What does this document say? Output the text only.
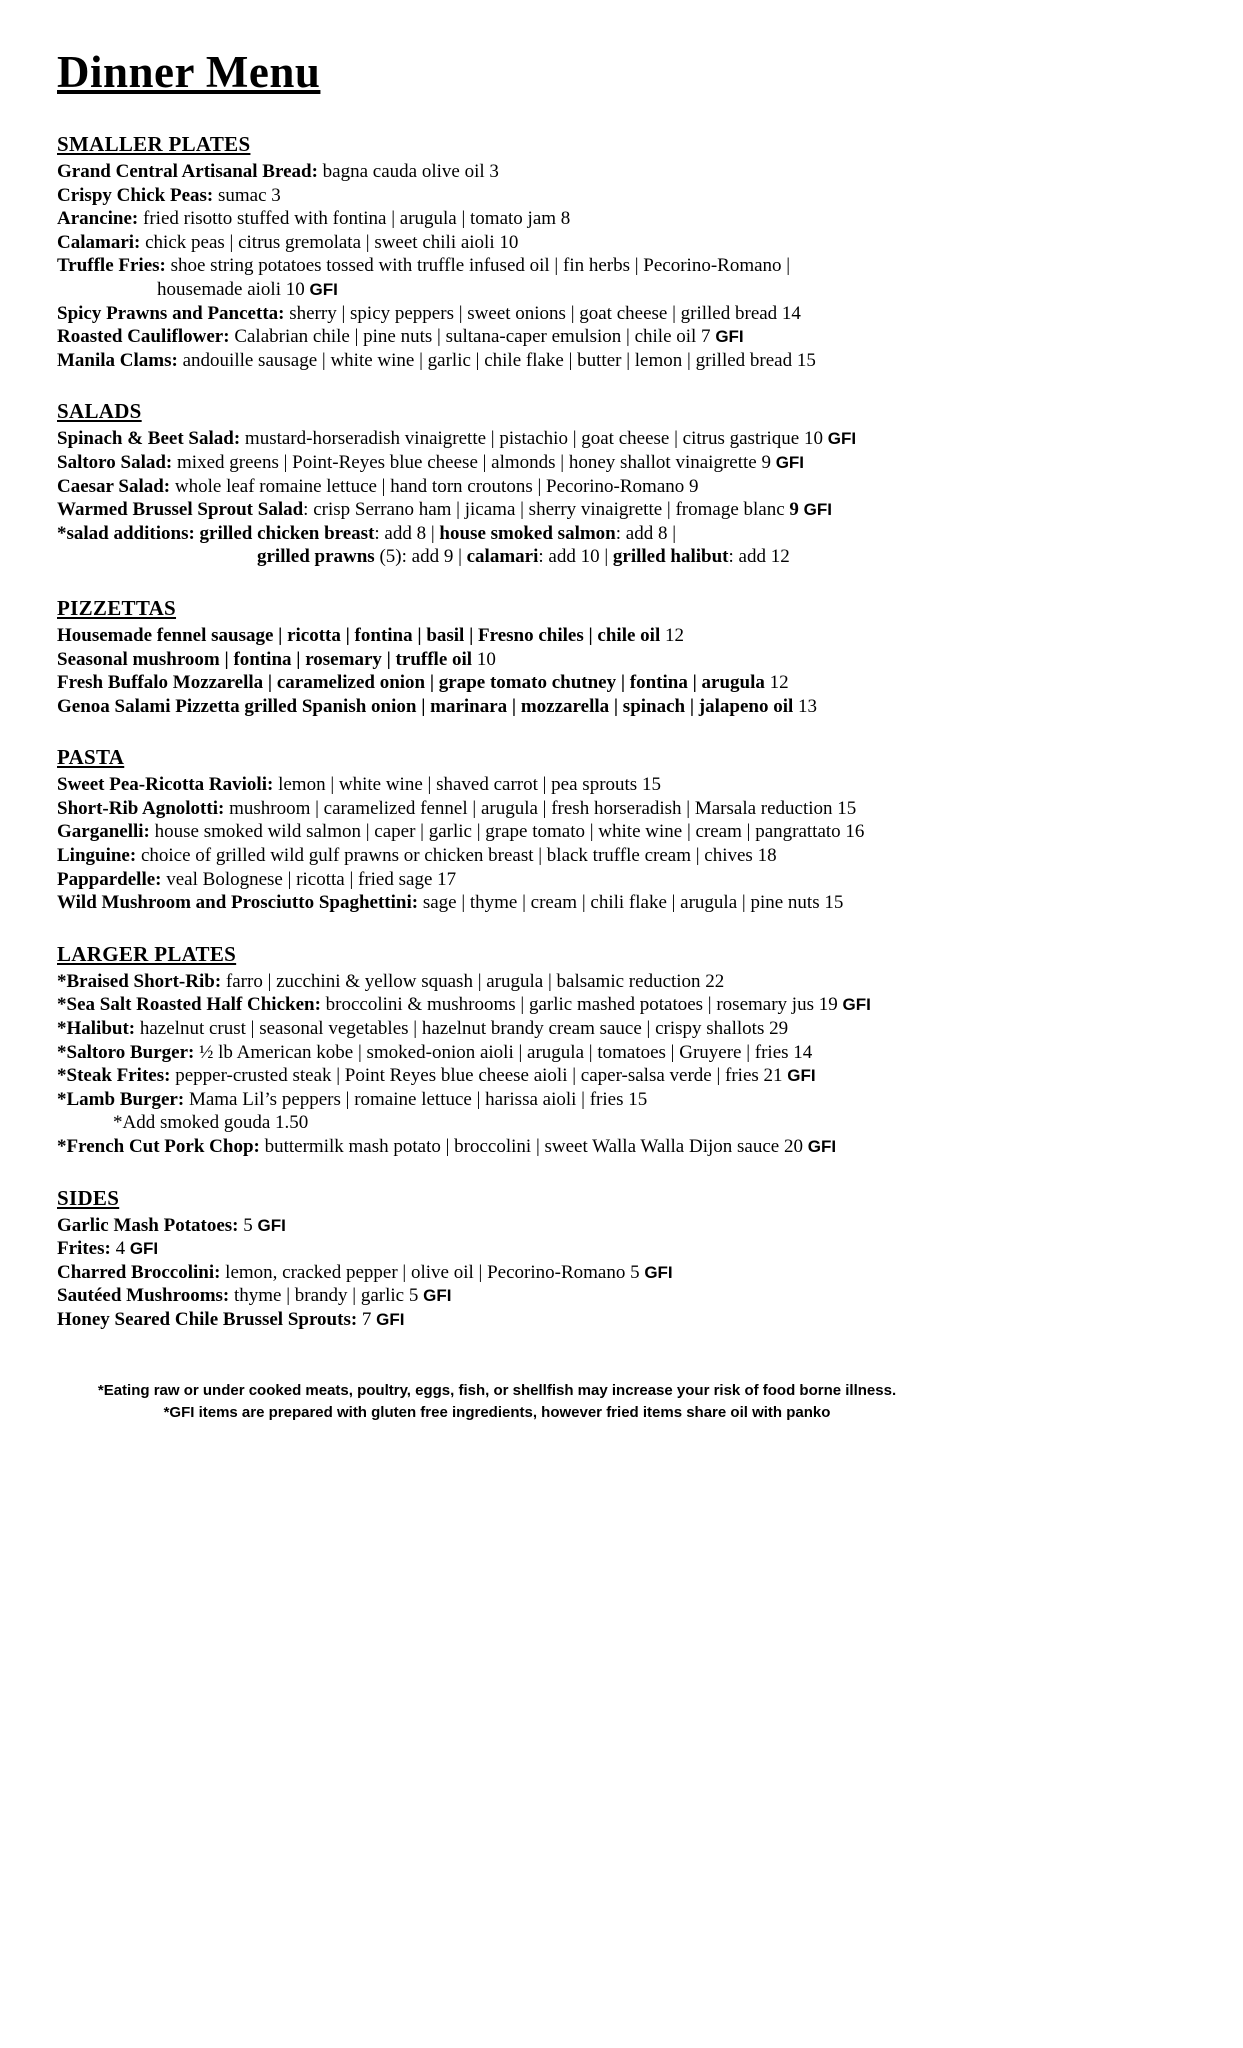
Dinner Menu
SMALLER PLATES
Grand Central Artisanal Bread: bagna cauda olive oil 3
Crispy Chick Peas: sumac 3
Arancine: fried risotto stuffed with fontina | arugula | tomato jam 8
Calamari: chick peas | citrus gremolata | sweet chili aioli 10
Truffle Fries: shoe string potatoes tossed with truffle infused oil | fin herbs | Pecorino-Romano |
housemade aioli 10 GFI
Spicy Prawns and Pancetta: sherry | spicy peppers | sweet onions | goat cheese | grilled bread 14
Roasted Cauliflower: Calabrian chile | pine nuts | sultana-caper emulsion | chile oil 7 GFI
Manila Clams: andouille sausage | white wine | garlic | chile flake | butter | lemon | grilled bread 15
SALADS
Spinach & Beet Salad: mustard-horseradish vinaigrette | pistachio | goat cheese | citrus gastrique 10 GFI
Saltoro Salad: mixed greens | Point-Reyes blue cheese | almonds | honey shallot vinaigrette 9 GFI
Caesar Salad: whole leaf romaine lettuce | hand torn croutons | Pecorino-Romano 9
Warmed Brussel Sprout Salad: crisp Serrano ham | jicama | sherry vinaigrette | fromage blanc 9 GFI
*salad additions: grilled chicken breast: add 8 | house smoked salmon: add 8 |
grilled prawns (5): add 9 | calamari: add 10 | grilled halibut: add 12
PIZZETTAS
Housemade fennel sausage | ricotta | fontina | basil | Fresno chiles | chile oil 12
Seasonal mushroom | fontina | rosemary | truffle oil 10
Fresh Buffalo Mozzarella | caramelized onion | grape tomato chutney | fontina | arugula 12
Genoa Salami Pizzetta grilled Spanish onion | marinara | mozzarella | spinach | jalapeno oil 13
PASTA
Sweet Pea-Ricotta Ravioli: lemon | white wine | shaved carrot | pea sprouts 15
Short-Rib Agnolotti: mushroom | caramelized fennel | arugula | fresh horseradish | Marsala reduction 15
Garganelli: house smoked wild salmon | caper | garlic | grape tomato | white wine | cream | pangrattato 16
Linguine: choice of grilled wild gulf prawns or chicken breast | black truffle cream | chives 18
Pappardelle: veal Bolognese | ricotta | fried sage 17
Wild Mushroom and Prosciutto Spaghettini: sage | thyme | cream | chili flake | arugula | pine nuts 15
LARGER PLATES
*Braised Short-Rib: farro | zucchini & yellow squash | arugula | balsamic reduction 22
*Sea Salt Roasted Half Chicken: broccolini & mushrooms | garlic mashed potatoes | rosemary jus 19 GFI
*Halibut: hazelnut crust | seasonal vegetables | hazelnut brandy cream sauce | crispy shallots 29
*Saltoro Burger: ½ lb American kobe | smoked-onion aioli | arugula | tomatoes | Gruyere | fries 14
*Steak Frites: pepper-crusted steak | Point Reyes blue cheese aioli | caper-salsa verde | fries 21 GFI
*Lamb Burger: Mama Lil’s peppers | romaine lettuce | harissa aioli | fries 15
*Add smoked gouda 1.50
*French Cut Pork Chop: buttermilk mash potato | broccolini | sweet Walla Walla Dijon sauce 20 GFI
SIDES
Garlic Mash Potatoes: 5 GFI
Frites: 4 GFI
Charred Broccolini: lemon, cracked pepper | olive oil | Pecorino-Romano 5 GFI
Sautéed Mushrooms: thyme | brandy | garlic 5 GFI
Honey Seared Chile Brussel Sprouts: 7 GFI
*Eating raw or under cooked meats, poultry, eggs, fish, or shellfish may increase your risk of food borne illness.
*GFI items are prepared with gluten free ingredients, however fried items share oil with panko
